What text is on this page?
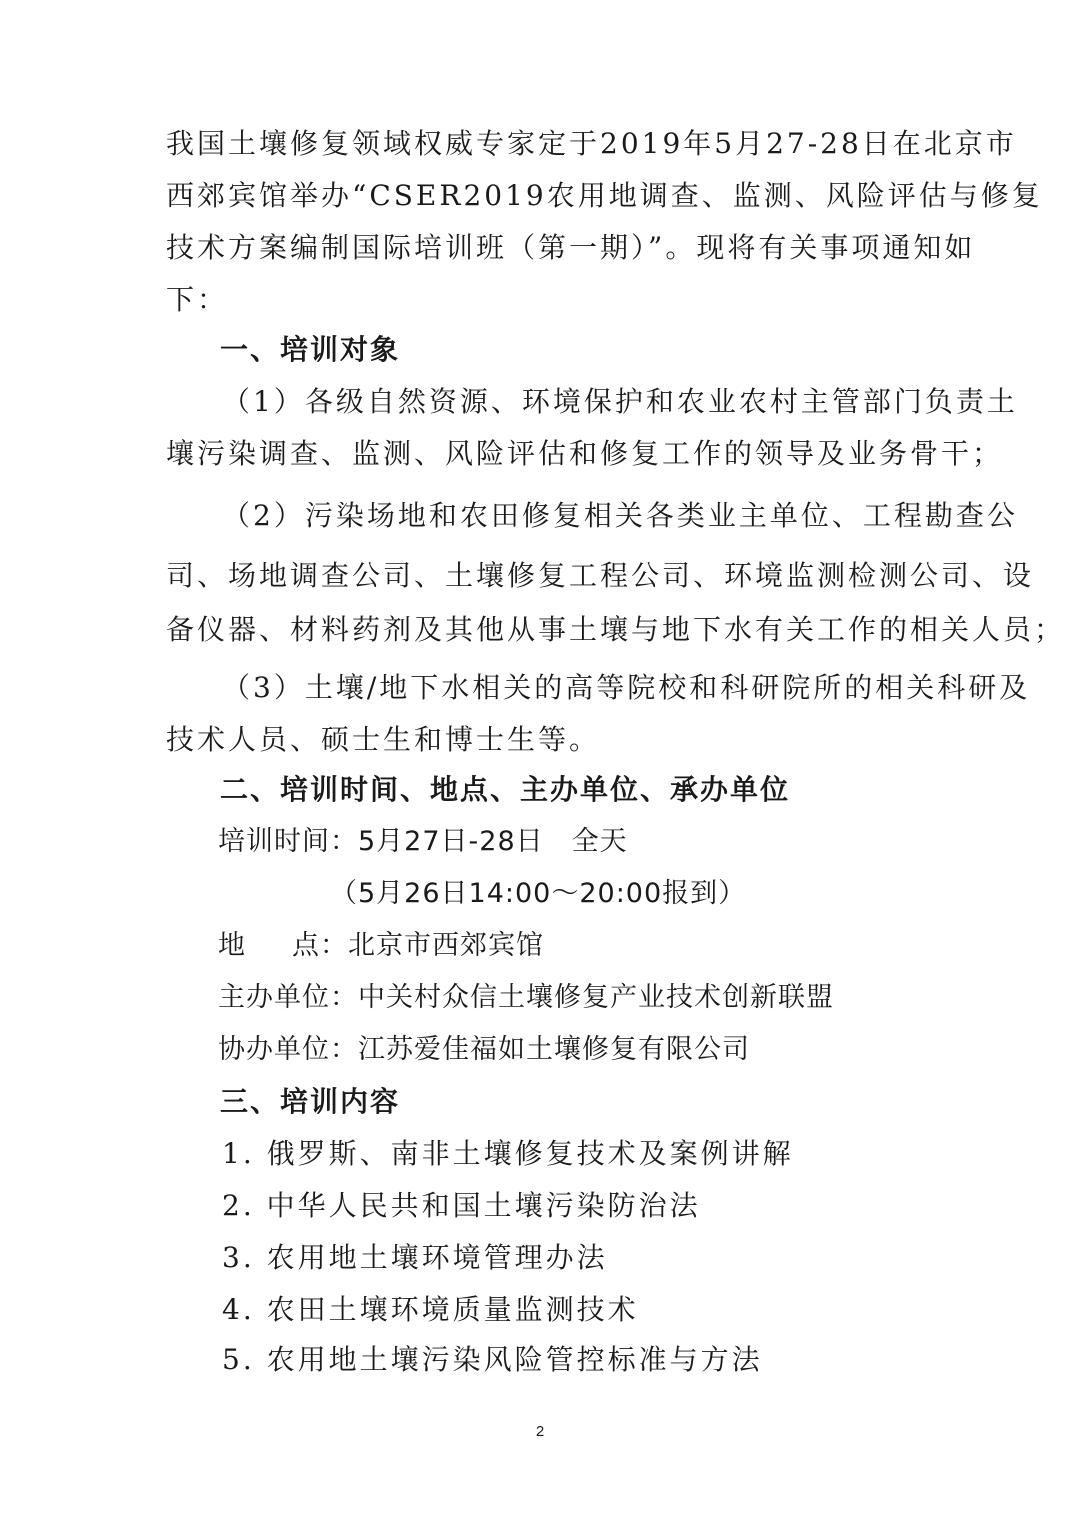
我国土壤修复领域权威专家定于2019年5月27-28日在北京市
西郊宾馆举办“CSER2019农用地调查、监测、风险评估与修复
技术方案编制国际培训班（第一期）”。现将有关事项通知如
下：
一、培训对象
（1）各级自然资源、环境保护和农业农村主管部门负责土
壤污染调查、监测、风险评估和修复工作的领导及业务骨干；
（2）污染场地和农田修复相关各类业主单位、工程勘查公
司、场地调查公司、土壤修复工程公司、环境监测检测公司、设
备仪器、材料药剂及其他从事土壤与地下水有关工作的相关人员；
（3）土壤/地下水相关的高等院校和科研院所的相关科研及
技术人员、硕士生和博士生等。
二、培训时间、地点、主办单位、承办单位
培训时间：5月27日-28日　全天
（5月26日14:00～20:00报到）
地 点：北京市西郊宾馆
主办单位：中关村众信土壤修复产业技术创新联盟
协办单位：江苏爱佳福如土壤修复有限公司
三、培训内容
1. 俄罗斯、南非土壤修复技术及案例讲解
2. 中华人民共和国土壤污染防治法
3. 农用地土壤环境管理办法
4. 农田土壤环境质量监测技术
5. 农用地土壤污染风险管控标准与方法
2
